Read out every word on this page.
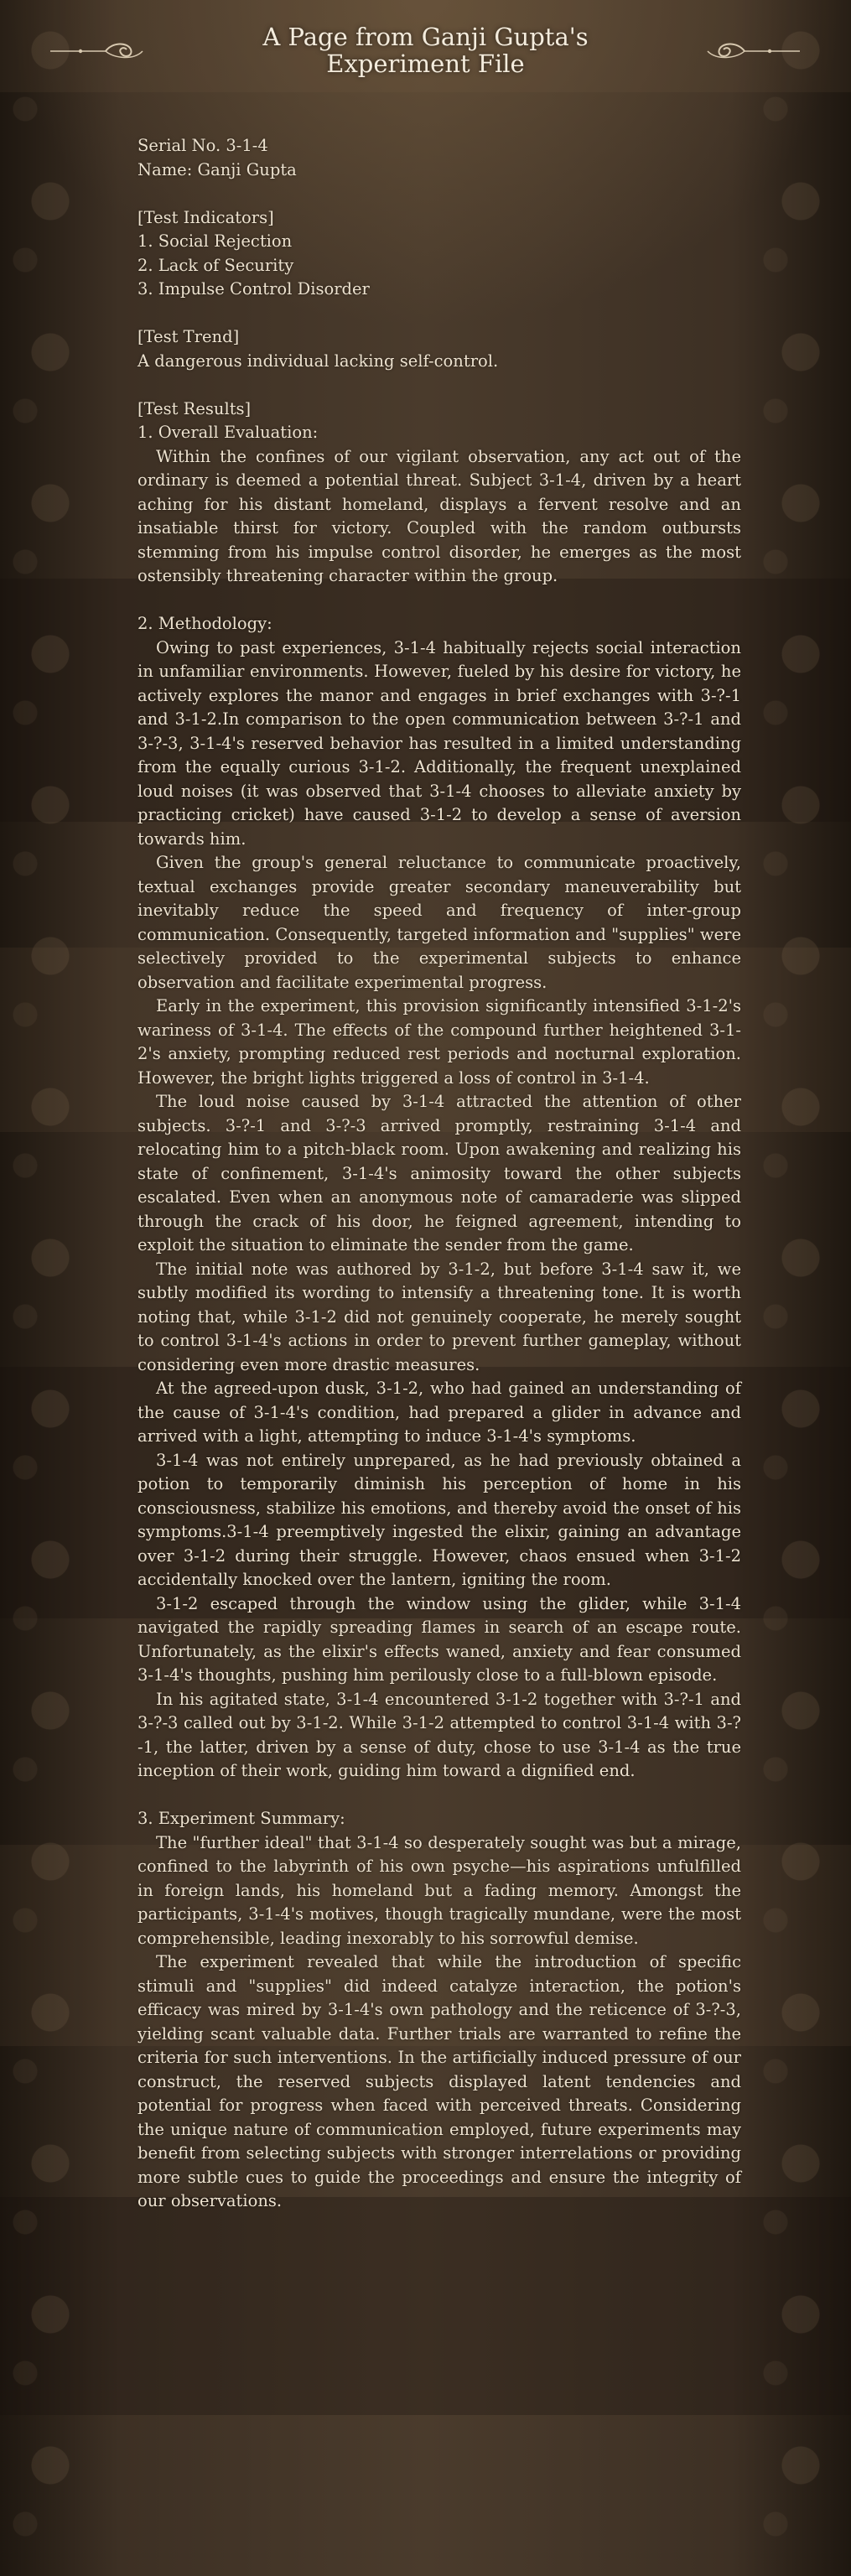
A Page from Ganji Gupta's
Experiment File
Serial No. 3-1-4
Name: Ganji Gupta
[Test Indicators]
1. Social Rejection
2. Lack of Security
3. Impulse Control Disorder
[Test Trend]
A dangerous individual lacking self-control.
[Test Results]
1. Overall Evaluation:

Within the confines of our vigilant observation, any act out of the ordinary is deemed a potential threat. Subject 3-1-4, driven by a heart aching for his distant homeland, displays a fervent resolve and an insatiable thirst for victory. Coupled with the random outbursts stemming from his impulse control disorder, he emerges as the most ostensibly threatening character within the group.

2. Methodology:

Owing to past experiences, 3-1-4 habitually rejects social interaction in unfamiliar environments. However, fueled by his desire for victory, he actively explores the manor and engages in brief exchanges with 3-?-1 and 3-1-2.In comparison to the open communication between 3-?-1 and 3-?-3, 3-1-4's reserved behavior has resulted in a limited understanding from the equally curious 3-1-2. Additionally, the frequent unexplained loud noises (it was observed that 3-1-4 chooses to alleviate anxiety by practicing cricket) have caused 3-1-2 to develop a sense of aversion towards him.

Given the group's general reluctance to communicate proactively, textual exchanges provide greater secondary maneuverability but inevitably reduce the speed and frequency of inter-group communication. Consequently, targeted information and "supplies" were selectively provided to the experimental subjects to enhance observation and facilitate experimental progress.

Early in the experiment, this provision significantly intensified 3-1-2's wariness of 3-1-4. The effects of the compound further heightened 3-1-2's anxiety, prompting reduced rest periods and nocturnal exploration. However, the bright lights triggered a loss of control in 3-1-4.

The loud noise caused by 3-1-4 attracted the attention of other subjects. 3-?-1 and 3-?-3 arrived promptly, restraining 3-1-4 and relocating him to a pitch-black room. Upon awakening and realizing his state of confinement, 3-1-4's animosity toward the other subjects escalated. Even when an anonymous note of camaraderie was slipped through the crack of his door, he feigned agreement, intending to exploit the situation to eliminate the sender from the game.

The initial note was authored by 3-1-2, but before 3-1-4 saw it, we subtly modified its wording to intensify a threatening tone. It is worth noting that, while 3-1-2 did not genuinely cooperate, he merely sought to control 3-1-4's actions in order to prevent further gameplay, without considering even more drastic measures.

At the agreed-upon dusk, 3-1-2, who had gained an understanding of the cause of 3-1-4's condition, had prepared a glider in advance and arrived with a light, attempting to induce 3-1-4's symptoms.

3-1-4 was not entirely unprepared, as he had previously obtained a potion to temporarily diminish his perception of home in his consciousness, stabilize his emotions, and thereby avoid the onset of his symptoms.3-1-4 preemptively ingested the elixir, gaining an advantage over 3-1-2 during their struggle. However, chaos ensued when 3-1-2 accidentally knocked over the lantern, igniting the room.

3-1-2 escaped through the window using the glider, while 3-1-4 navigated the rapidly spreading flames in search of an escape route. Unfortunately, as the elixir's effects waned, anxiety and fear consumed 3-1-4's thoughts, pushing him perilously close to a full-blown episode.

In his agitated state, 3-1-4 encountered 3-1-2 together with 3-?-1 and 3-?-3 called out by 3-1-2. While 3-1-2 attempted to control 3-1-4 with 3-?-1, the latter, driven by a sense of duty, chose to use 3-1-4 as the true inception of their work, guiding him toward a dignified end.

3. Experiment Summary:

The "further ideal" that 3-1-4 so desperately sought was but a mirage, confined to the labyrinth of his own psyche—his aspirations unfulfilled in foreign lands, his homeland but a fading memory. Amongst the participants, 3-1-4's motives, though tragically mundane, were the most comprehensible, leading inexorably to his sorrowful demise.

The experiment revealed that while the introduction of specific stimuli and "supplies" did indeed catalyze interaction, the potion's efficacy was mired by 3-1-4's own pathology and the reticence of 3-?-3, yielding scant valuable data. Further trials are warranted to refine the criteria for such interventions. In the artificially induced pressure of our construct, the reserved subjects displayed latent tendencies and potential for progress when faced with perceived threats. Considering the unique nature of communication employed, future experiments may benefit from selecting subjects with stronger interrelations or providing more subtle cues to guide the proceedings and ensure the integrity of our observations.
